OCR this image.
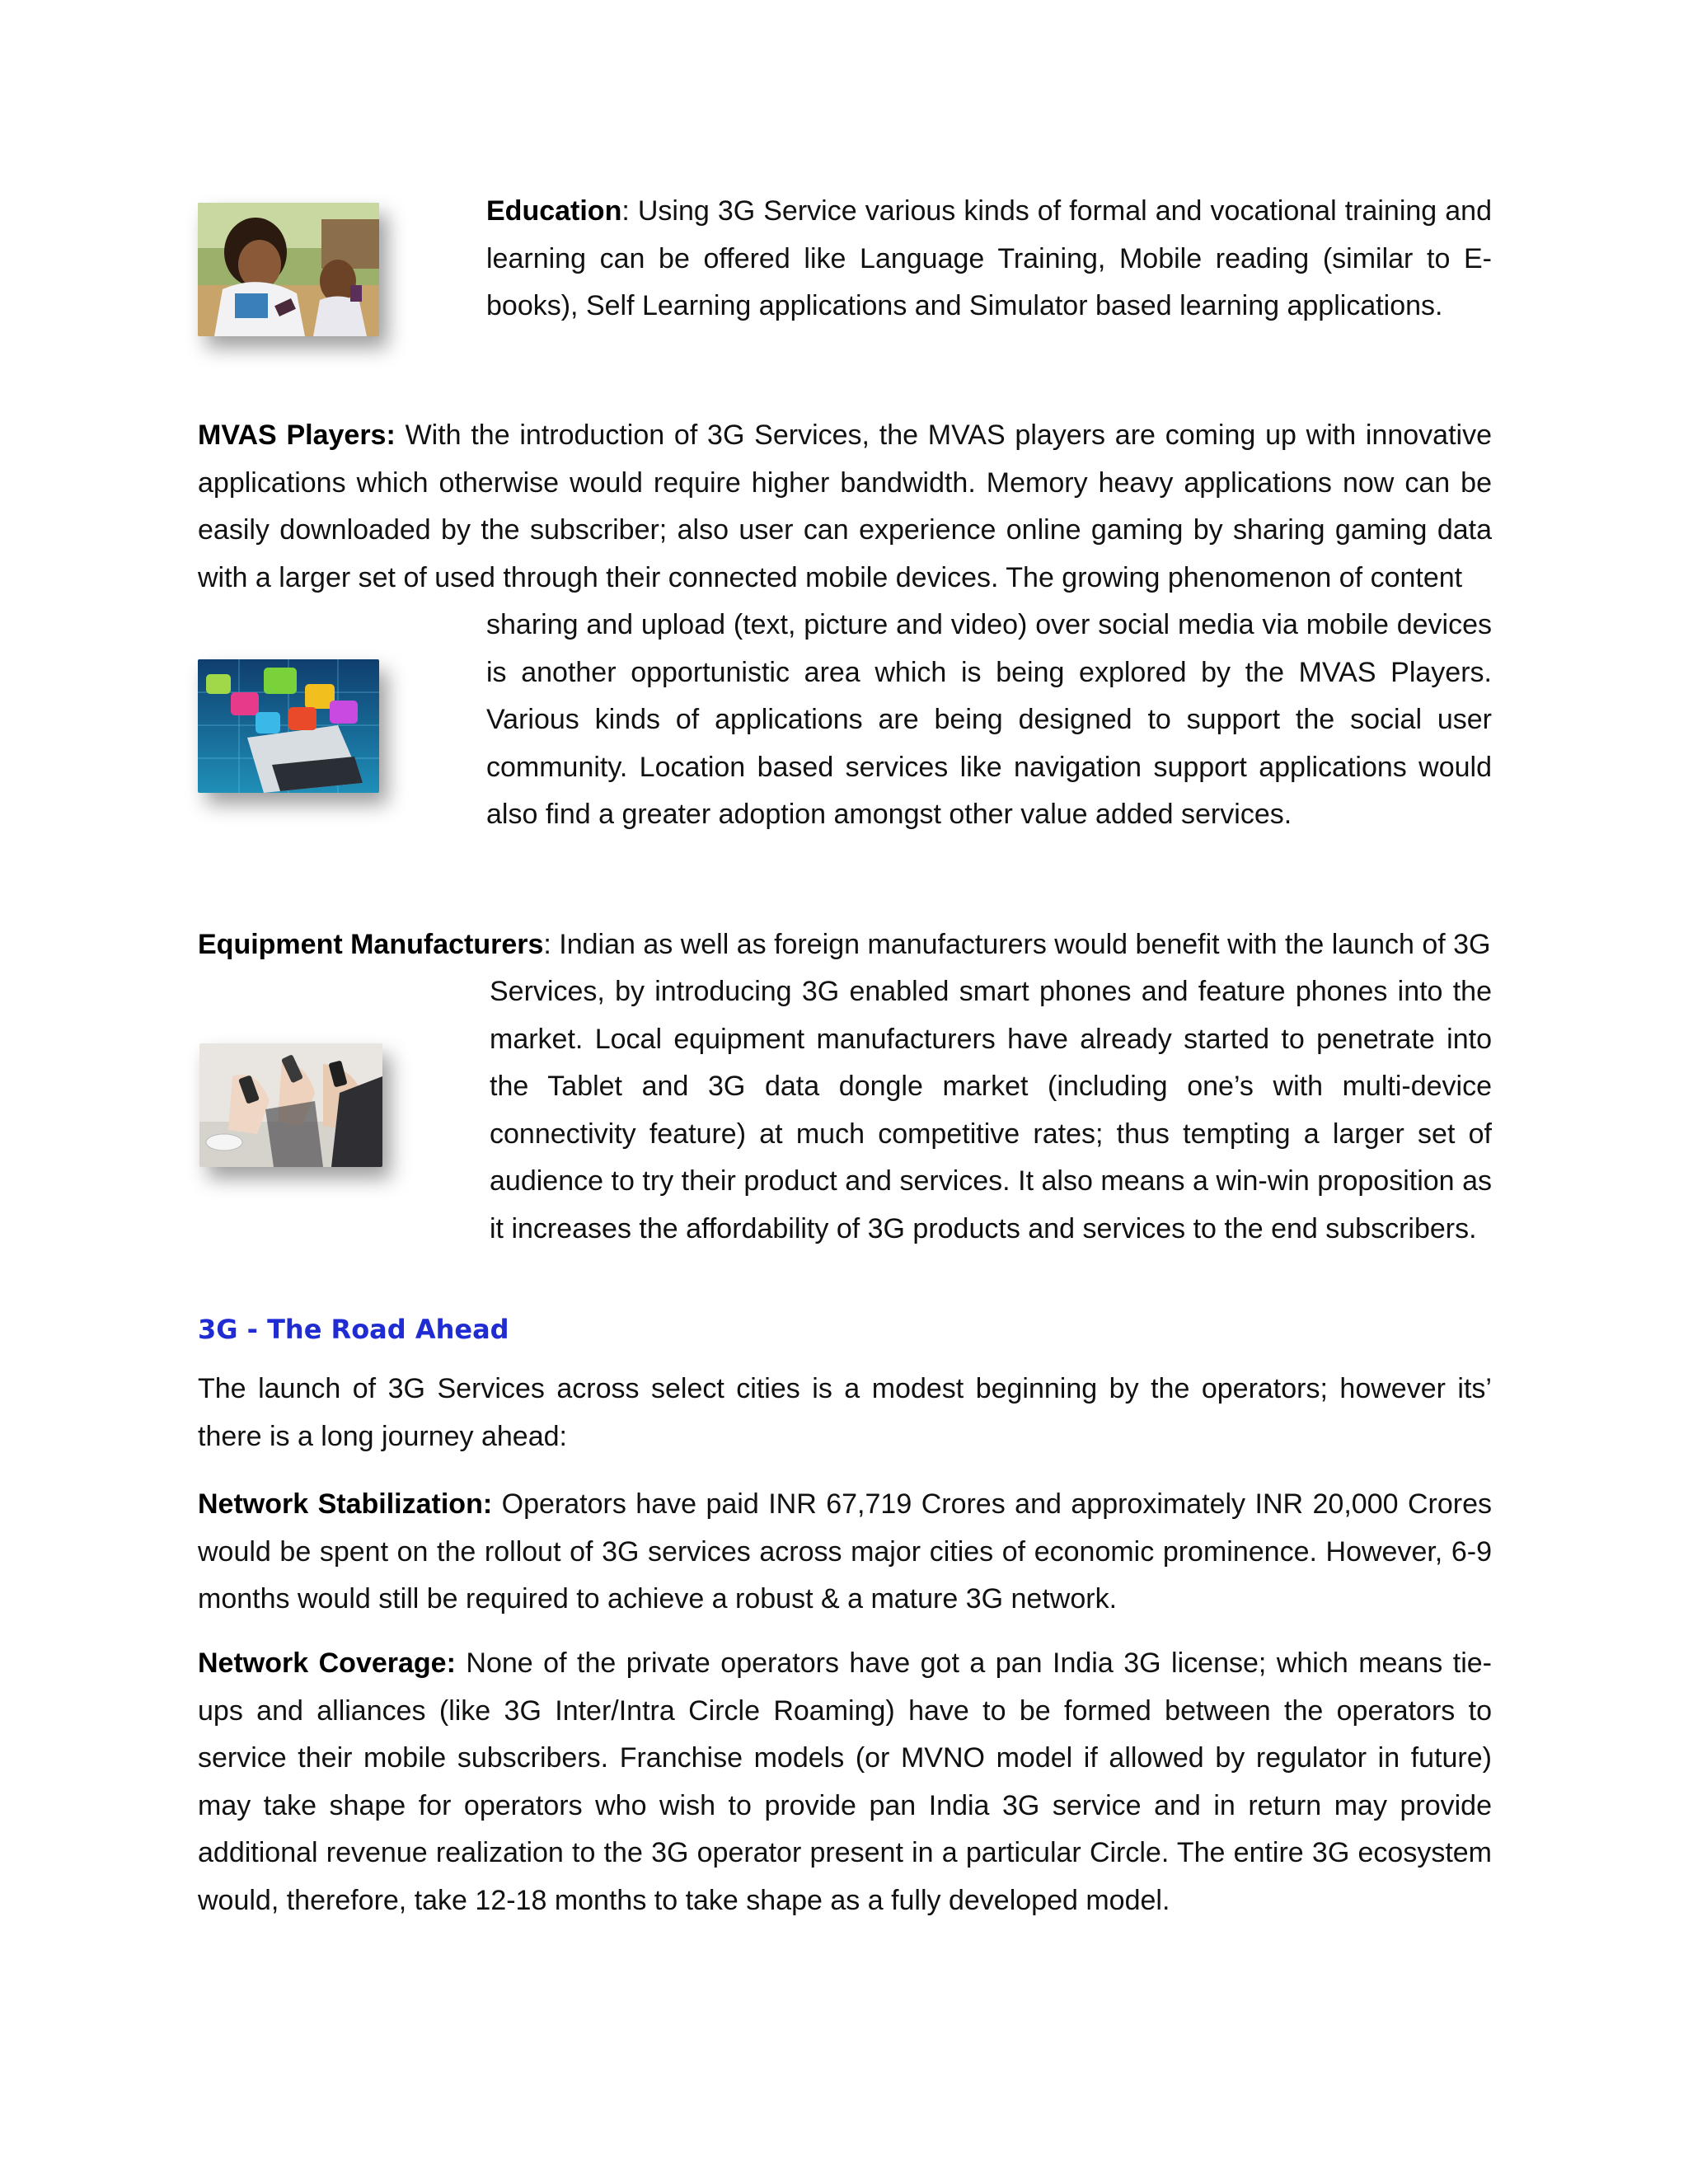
Education: Using 3G Service various kinds of formal and vocational training and learning can be offered like Language Training, Mobile reading (similar to E-books), Self Learning applications and Simulator based learning applications.

MVAS Players: With the introduction of 3G Services, the MVAS players are coming up with innovative applications which otherwise would require higher bandwidth. Memory heavy applications now can be easily downloaded by the subscriber; also user can experience online gaming by sharing gaming data with a larger set of used through their connected mobile devices. The growing phenomenon of content

sharing and upload (text, picture and video) over social media via mobile devices is another opportunistic area which is being explored by the MVAS Players. Various kinds of applications are being designed to support the social user community. Location based services like navigation support applications would also find a greater adoption amongst other value added services.

Equipment Manufacturers: Indian as well as foreign manufacturers would benefit with the launch of 3G

Services, by introducing 3G enabled smart phones and feature phones into the market. Local equipment manufacturers have already started to penetrate into the Tablet and 3G data dongle market (including one’s with multi-device connectivity feature) at much competitive rates; thus tempting a larger set of audience to try their product and services. It also means a win-win proposition as it increases the affordability of 3G products and services to the end subscribers.

3G - The Road Ahead

The launch of 3G Services across select cities is a modest beginning by the operators; however its’ there is a long journey ahead:

Network Stabilization: Operators have paid INR 67,719 Crores and approximately INR 20,000 Crores would be spent on the rollout of 3G services across major cities of economic prominence. However, 6-9 months would still be required to achieve a robust & a mature 3G network.

Network Coverage: None of the private operators have got a pan India 3G license; which means tie-ups and alliances (like 3G Inter/Intra Circle Roaming) have to be formed between the operators to service their mobile subscribers. Franchise models (or MVNO model if allowed by regulator in future) may take shape for operators who wish to provide pan India 3G service and in return may provide additional revenue realization to the 3G operator present in a particular Circle. The entire 3G ecosystem would, therefore, take 12-18 months to take shape as a fully developed model.
